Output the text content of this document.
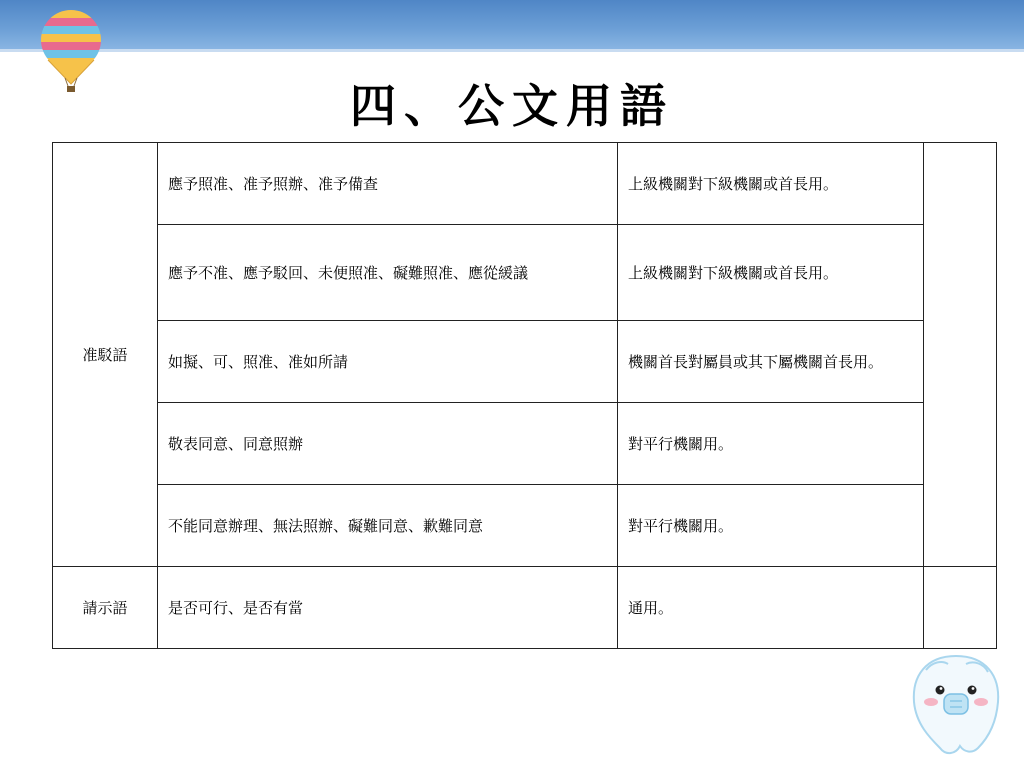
四、公文用語
准駁語	應予照准、准予照辦、准予備查	上級機關對下級機關或首長用。	
	應予不准、應予駁回、未便照准、礙難照准、應從緩議	上級機關對下級機關或首長用。	
	如擬、可、照准、准如所請	機關首長對屬員或其下屬機關首長用。	
	敬表同意、同意照辦	對平行機關用。	
	不能同意辦理、無法照辦、礙難同意、歉難同意	對平行機關用。	
請示語	是否可行、是否有當	通用。	
